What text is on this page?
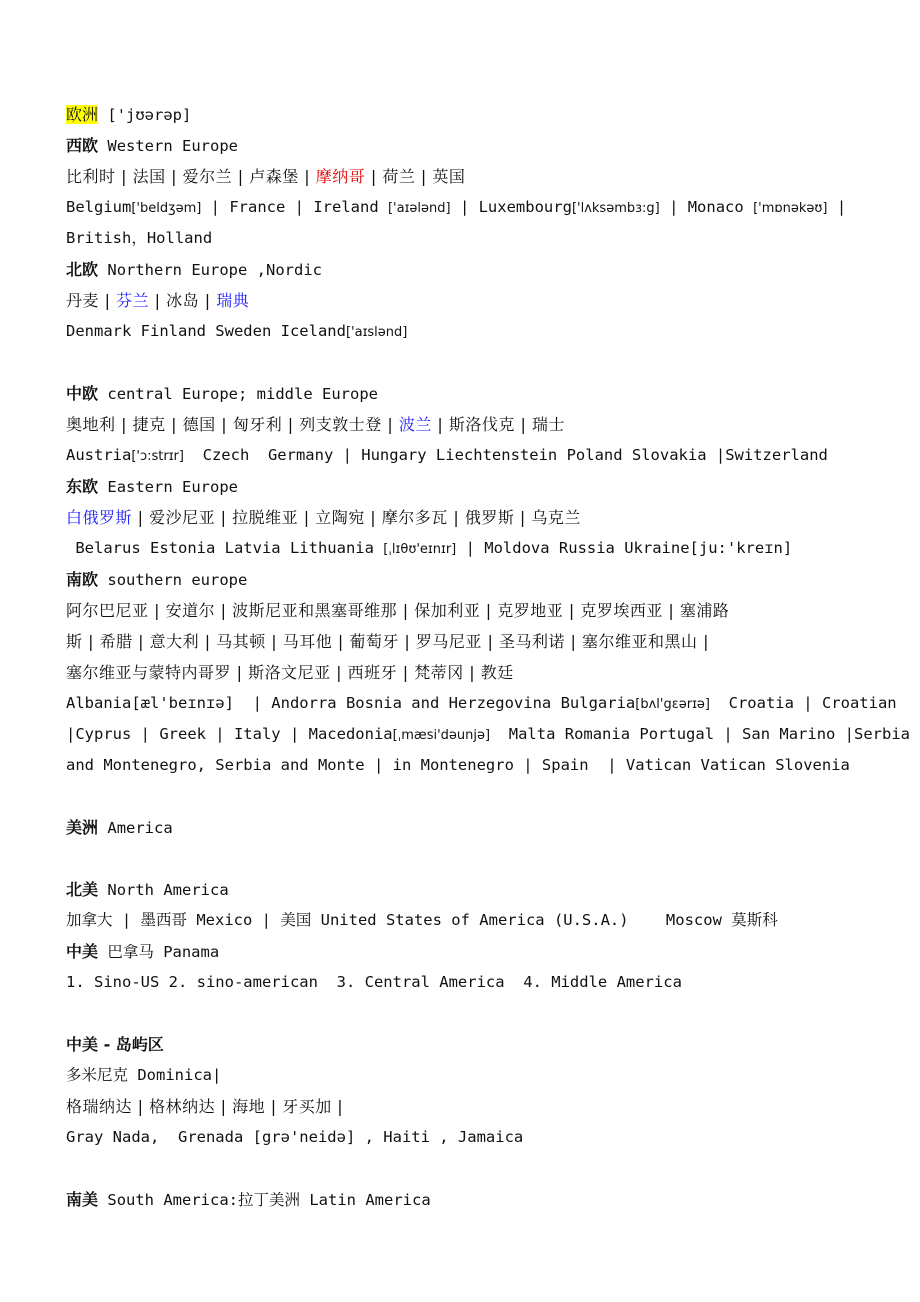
欧洲 ['jʊərəp]
西欧 Western Europe
比利时 | 法国 | 爱尔兰 | 卢森堡 | 摩纳哥 | 荷兰 | 英国
Belgium['beldʒəm] | France | Ireland ['aɪələnd] | Luxembourg['lʌksəmbɜ:g] | Monaco ['mɒnəkəʊ] |
British，Holland
北欧 Northern Europe ,Nordic
丹麦 | 芬兰 | 冰岛 | 瑞典
Denmark Finland Sweden Iceland['aɪslənd]
中欧 central Europe; middle Europe
奥地利 | 捷克 | 德国 | 匈牙利 | 列支敦士登 | 波兰 | 斯洛伐克 | 瑞士
Austria['ɔ:strɪr]  Czech  Germany | Hungary Liechtenstein Poland Slovakia |Switzerland
东欧 Eastern Europe
白俄罗斯 | 爱沙尼亚 | 拉脱维亚 | 立陶宛 | 摩尔多瓦 | 俄罗斯 | 乌克兰
Belarus Estonia Latvia Lithuania [ˌlɪθʊ'eɪnɪr] | Moldova Russia Ukraine[ju:'kreɪn]
南欧 southern europe
阿尔巴尼亚 | 安道尔 | 波斯尼亚和黑塞哥维那 | 保加利亚 | 克罗地亚 | 克罗埃西亚 | 塞浦路
斯 | 希腊 | 意大利 | 马其顿 | 马耳他 | 葡萄牙 | 罗马尼亚 | 圣马利诺 | 塞尔维亚和黑山 |
塞尔维亚与蒙特内哥罗 | 斯洛文尼亚 | 西班牙 | 梵蒂冈 | 教廷
Albania[æl'beɪnɪə]  | Andorra Bosnia and Herzegovina Bulgaria[bʌl'gεərɪə]  Croatia | Croatian
|Cyprus | Greek | Italy | Macedonia[ˌmæsi'dəunjə]  Malta Romania Portugal | San Marino |Serbia
and Montenegro, Serbia and Monte | in Montenegro | Spain  | Vatican Vatican Slovenia
美洲 America
北美 North America
加拿大 | 墨西哥 Mexico | 美国 United States of America (U.S.A.)    Moscow 莫斯科
中美 巴拿马 Panama
1. Sino-US 2. sino-american  3. Central America  4. Middle America
中美 - 岛屿区
多米尼克 Dominica|
格瑞纳达 | 格林纳达 | 海地 | 牙买加 |
Gray Nada,  Grenada [grə'neidə] , Haiti , Jamaica
南美 South America:拉丁美洲 Latin America
